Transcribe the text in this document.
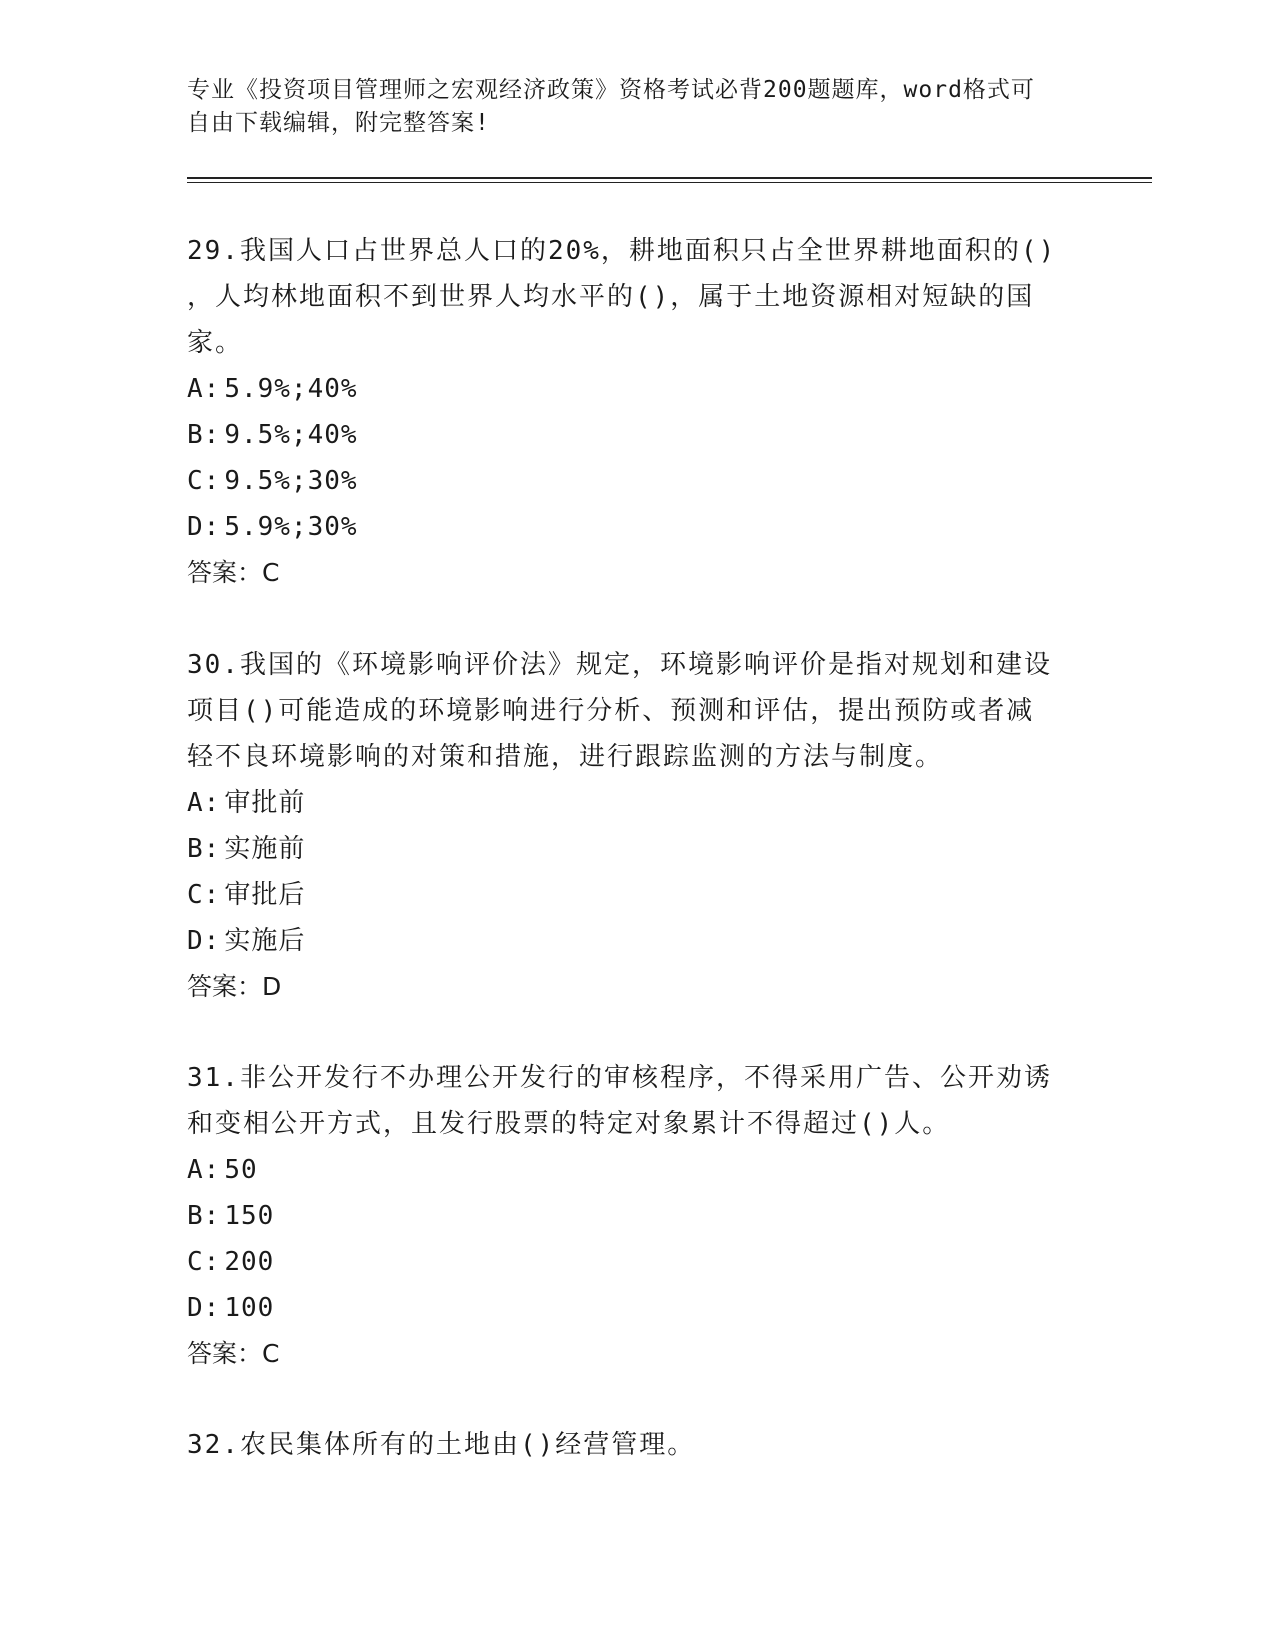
专业《投资项目管理师之宏观经济政策》资格考试必背200题题库，word格式可
自由下载编辑，附完整答案!
29.我国人口占世界总人口的20%，耕地面积只占全世界耕地面积的()
，人均林地面积不到世界人均水平的()，属于土地资源相对短缺的国
家。
A: 5.9%;40%
B: 9.5%;40%
C: 9.5%;30%
D: 5.9%;30%
答案：C
30.我国的《环境影响评价法》规定，环境影响评价是指对规划和建设
项目()可能造成的环境影响进行分析、预测和评估，提出预防或者减
轻不良环境影响的对策和措施，进行跟踪监测的方法与制度。
A: 审批前
B: 实施前
C: 审批后
D: 实施后
答案：D
31.非公开发行不办理公开发行的审核程序，不得采用广告、公开劝诱
和变相公开方式，且发行股票的特定对象累计不得超过()人。
A: 50
B: 150
C: 200
D: 100
答案：C
32.农民集体所有的土地由()经营管理。
